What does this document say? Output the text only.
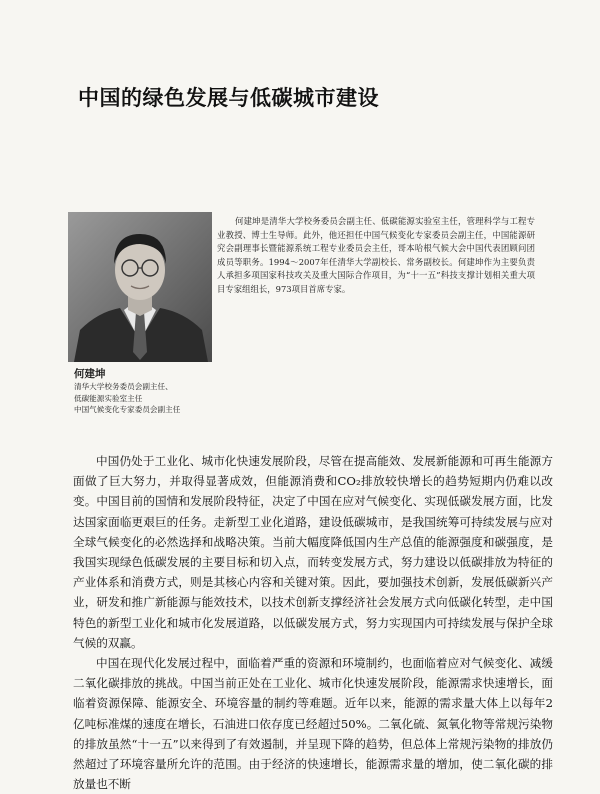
中国的绿色发展与低碳城市建设
何建坤是清华大学校务委员会副主任、低碳能源实验室主任，管理科学与工程专业教授、博士生导师。此外，他还担任中国气候变化专家委员会副主任，中国能源研究会副理事长暨能源系统工程专业委员会主任，哥本哈根气候大会中国代表团顾问团成员等职务。1994～2007年任清华大学副校长、常务副校长。何建坤作为主要负责人承担多项国家科技攻关及重大国际合作项目，为“十一五”科技支撑计划相关重大项目专家组组长，973项目首席专家。
何建坤
清华大学校务委员会副主任、
低碳能源实验室主任
中国气候变化专家委员会副主任

中国仍处于工业化、城市化快速发展阶段，尽管在提高能效、发展新能源和可再生能源方面做了巨大努力，并取得显著成效，但能源消费和CO₂排放较快增长的趋势短期内仍难以改变。中国目前的国情和发展阶段特征，决定了中国在应对气候变化、实现低碳发展方面，比发达国家面临更艰巨的任务。走新型工业化道路，建设低碳城市，是我国统筹可持续发展与应对全球气候变化的必然选择和战略决策。当前大幅度降低国内生产总值的能源强度和碳强度，是我国实现绿色低碳发展的主要目标和切入点，而转变发展方式，努力建设以低碳排放为特征的产业体系和消费方式，则是其核心内容和关键对策。因此，要加强技术创新，发展低碳新兴产业，研发和推广新能源与能效技术，以技术创新支撑经济社会发展方式向低碳化转型，走中国特色的新型工业化和城市化发展道路，以低碳发展方式，努力实现国内可持续发展与保护全球气候的双赢。

中国在现代化发展过程中，面临着严重的资源和环境制约，也面临着应对气候变化、减缓二氧化碳排放的挑战。中国当前正处在工业化、城市化快速发展阶段，能源需求快速增长，面临着资源保障、能源安全、环境容量的制约等难题。近年以来，能源的需求量大体上以每年2亿吨标准煤的速度在增长，石油进口依存度已经超过50%。二氧化硫、氮氧化物等常规污染物的排放虽然“十一五”以来得到了有效遏制，并呈现下降的趋势，但总体上常规污染物的排放仍然超过了环境容量所允许的范围。由于经济的快速增长，能源需求量的增加，使二氧化碳的排放量也不断
